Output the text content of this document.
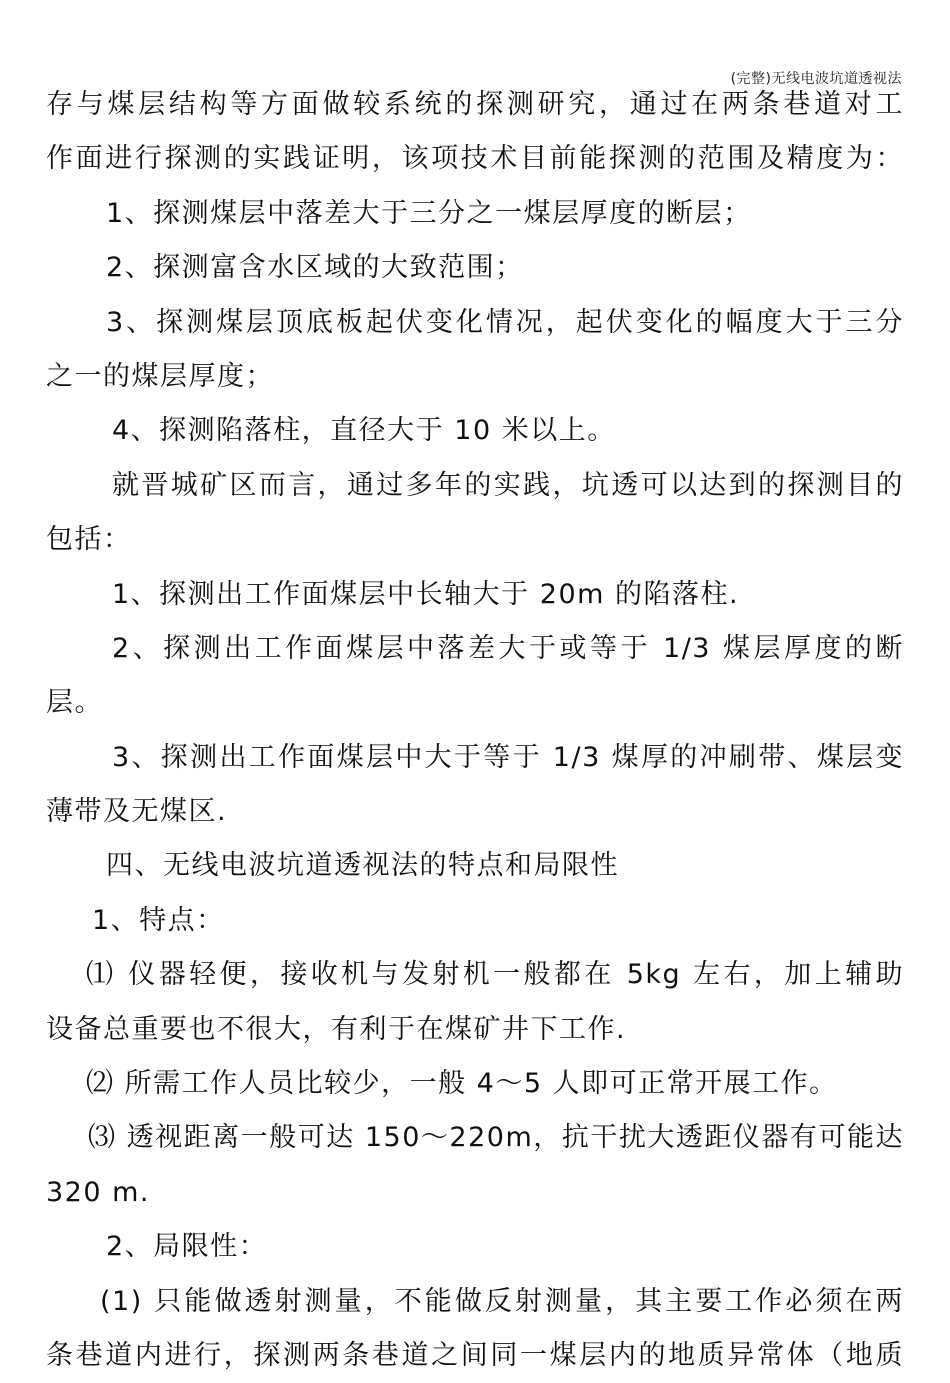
(完整)无线电波坑道透视法
存与煤层结构等方面做较系统的探测研究，通过在两条巷道对工
作面进行探测的实践证明，该项技术目前能探测的范围及精度为：
1、探测煤层中落差大于三分之一煤层厚度的断层；
2、探测富含水区域的大致范围；
3、探测煤层顶底板起伏变化情况，起伏变化的幅度大于三分
之一的煤层厚度；
4、探测陷落柱，直径大于 10 米以上。
就晋城矿区而言，通过多年的实践，坑透可以达到的探测目的
包括：
1、探测出工作面煤层中长轴大于 20m 的陷落柱.
2、探测出工作面煤层中落差大于或等于 1/3 煤层厚度的断
层。
3、探测出工作面煤层中大于等于 1/3 煤厚的冲刷带、煤层变
薄带及无煤区.
四、无线电波坑道透视法的特点和局限性
1、特点：
⑴ 仪器轻便，接收机与发射机一般都在 5kg 左右，加上辅助
设备总重要也不很大，有利于在煤矿井下工作.
⑵ 所需工作人员比较少，一般 4～5 人即可正常开展工作。
⑶ 透视距离一般可达 150～220m，抗干扰大透距仪器有可能达
320 m.
2、局限性：
(1) 只能做透射测量，不能做反射测量，其主要工作必须在两
条巷道内进行，探测两条巷道之间同一煤层内的地质异常体（地质
